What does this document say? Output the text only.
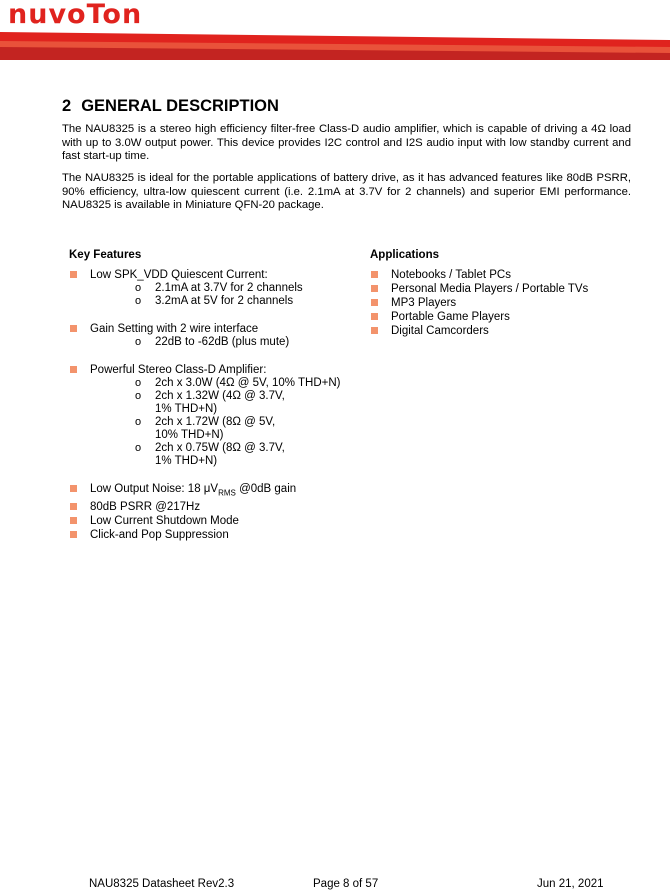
nuvoTon
2 GENERAL DESCRIPTION

The NAU8325 is a stereo high efficiency filter-free Class-D audio amplifier, which is capable of driving a 4Ω load with up to 3.0W output power. This device provides I2C control and I2S audio input with low standby current and fast start-up time.

The NAU8325 is ideal for the portable applications of battery drive, as it has advanced features like 80dB PSRR, 90% efficiency, ultra-low quiescent current (i.e. 2.1mA at 3.7V for 2 channels) and superior EMI performance. NAU8325 is available in Miniature QFN-20 package.

Key Features
Low SPK_VDD Quiescent Current:
o 2.1mA at 3.7V for 2 channels
o 3.2mA at 5V for 2 channels
Gain Setting with 2 wire interface
o 22dB to -62dB (plus mute)
Powerful Stereo Class-D Amplifier:
o 2ch x 3.0W (4Ω @ 5V, 10% THD+N)
o 2ch x 1.32W (4Ω @ 3.7V, 1% THD+N)
o 2ch x 1.72W (8Ω @ 5V, 10% THD+N)
o 2ch x 0.75W (8Ω @ 3.7V, 1% THD+N)
Low Output Noise: 18 $\mu V_{RMS}$ @0dB gain
80dB PSRR @217Hz
Low Current Shutdown Mode
Click-and Pop Suppression
Applications
Notebooks / Tablet PCs
Personal Media Players / Portable TVs
MP3 Players
Portable Game Players
Digital Camcorders
NAU8325 Datasheet Rev2.3	Page 8 of 57	Jun 21, 2021
